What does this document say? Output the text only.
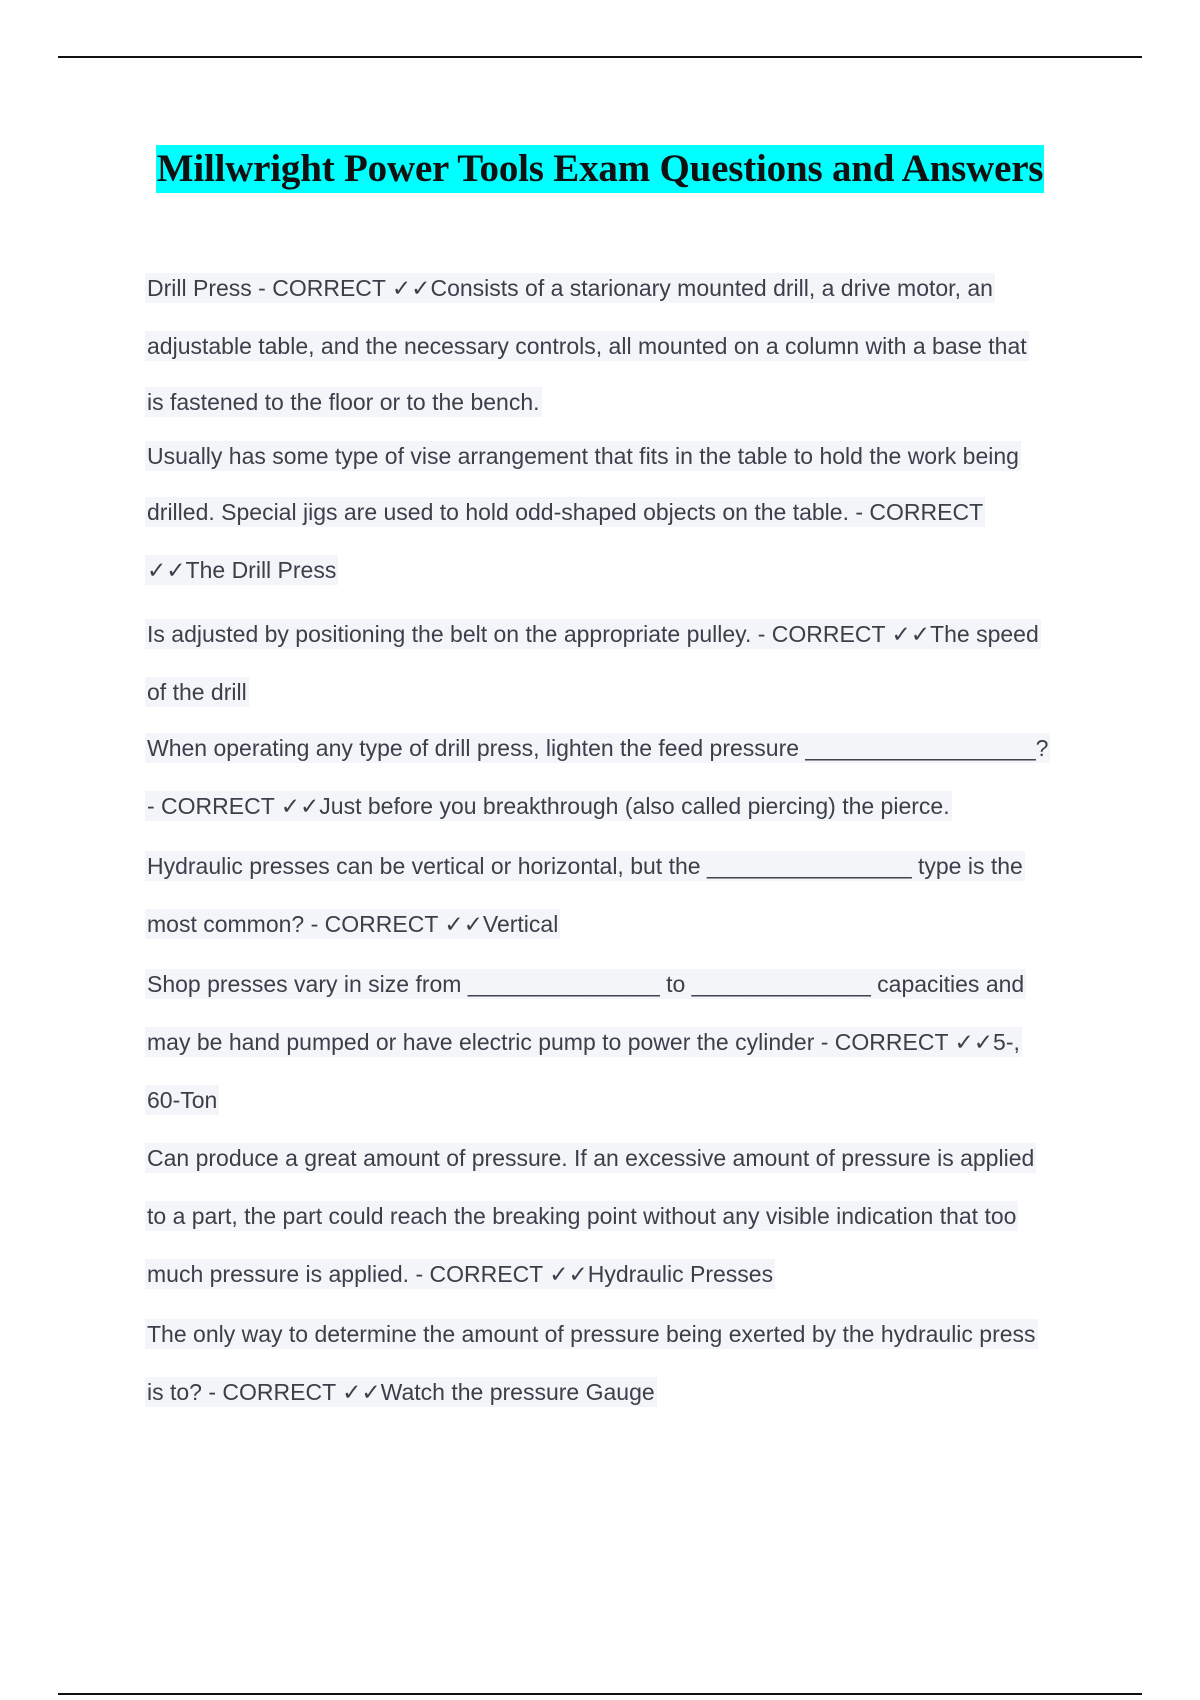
Millwright Power Tools Exam Questions and Answers
Drill Press - CORRECT ✓✓Consists of a starionary mounted drill, a drive motor, an
adjustable table, and the necessary controls, all mounted on a column with a base that
is fastened to the floor or to the bench.
Usually has some type of vise arrangement that fits in the table to hold the work being
drilled. Special jigs are used to hold odd-shaped objects on the table. - CORRECT
✓✓The Drill Press
Is adjusted by positioning the belt on the appropriate pulley. - CORRECT ✓✓The speed
of the drill
When operating any type of drill press, lighten the feed pressure __________________?
- CORRECT ✓✓Just before you breakthrough (also called piercing) the pierce.
Hydraulic presses can be vertical or horizontal, but the ________________ type is the
most common? - CORRECT ✓✓Vertical
Shop presses vary in size from _______________ to ______________ capacities and
may be hand pumped or have electric pump to power the cylinder - CORRECT ✓✓5-,
60-Ton
Can produce a great amount of pressure. If an excessive amount of pressure is applied
to a part, the part could reach the breaking point without any visible indication that too
much pressure is applied. - CORRECT ✓✓Hydraulic Presses
The only way to determine the amount of pressure being exerted by the hydraulic press
is to? - CORRECT ✓✓Watch the pressure Gauge
